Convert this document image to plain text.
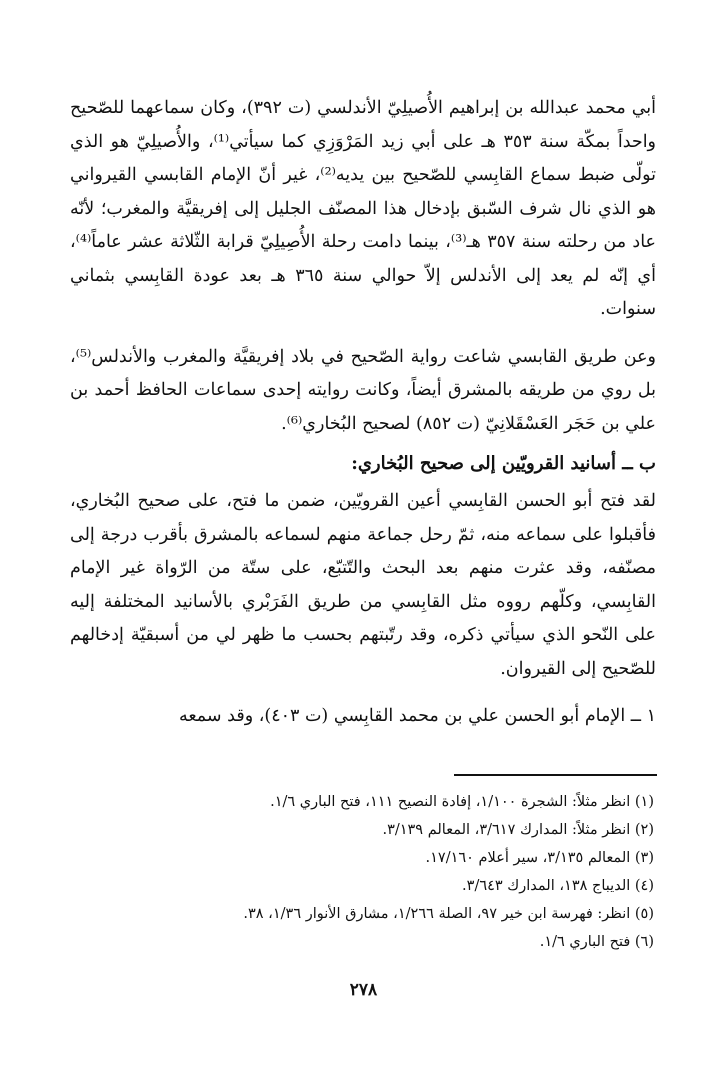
أبي محمد عبدالله بن إبراهيم الأُصيلِيّ الأندلسي (ت ٣٩٢)، وكان سماعهما للصّحيح واحداً بمكّة سنة ٣٥٣ هـ على أبي زيد المَرْوَزِي كما سيأتي⁽¹⁾، والأُصيلِيّ هو الذي تولّى ضبط سماع القابِسي للصّحيح بين يديه⁽²⁾، غير أنّ الإمام القابسي القيرواني هو الذي نال شرف السّبق بإدخال هذا المصنّف الجليل إلى إفريقيَّة والمغرب؛ لأنّه عاد من رحلته سنة ٣٥٧ هـ⁽³⁾، بينما دامت رحلة الأُصِيلِيّ قرابة الثّلاثة عشر عاماً⁽⁴⁾، أي إنّه لم يعد إلى الأندلس إلاّ حوالي سنة ٣٦٥ هـ بعد عودة القابِسي بثماني سنوات.

وعن طريق القابسي شاعت رواية الصّحيح في بلاد إفريقيَّة والمغرب والأندلس⁽⁵⁾، بل روي من طريقه بالمشرق أيضاً، وكانت روايته إحدى سماعات الحافظ أحمد بن علي بن حَجَر العَسْقَلانِيّ (ت ٨٥٢) لصحيح البُخاري⁽⁶⁾.

ب ــ أسانيد القرويّين إلى صحيح البُخاري:

لقد فتح أبو الحسن القابِسي أعين القرويّين، ضمن ما فتح، على صحيح البُخاري، فأقبلوا على سماعه منه، ثمّ رحل جماعة منهم لسماعه بالمشرق بأقرب درجة إلى مصنّفه، وقد عثرت منهم بعد البحث والتّتبّع، على ستّة من الرّواة غير الإمام القابِسي، وكلّهم رووه مثل القابِسي من طريق الفَرَبْري بالأسانيد المختلفة إليه على النّحو الذي سيأتي ذكره، وقد رتّبتهم بحسب ما ظهر لي من أسبقيّة إدخالهم للصّحيح إلى القيروان.

١ ــ الإمام أبو الحسن علي بن محمد القابِسي (ت ٤٠٣)، وقد سمعه

(١) انظر مثلاً: الشجرة ١/١٠٠، إفادة النصيح ١١١، فتح الباري ١/٦.
(٢) انظر مثلاً: المدارك ٣/٦١٧، المعالم ٣/١٣٩.
(٣) المعالم ٣/١٣٥، سير أعلام ١٧/١٦٠.
(٤) الديباج ١٣٨، المدارك ٣/٦٤٣.
(٥) انظر: فهرسة ابن خير ٩٧، الصلة ١/٢٦٦، مشارق الأنوار ١/٣٦، ٣٨.
(٦) فتح الباري ١/٦.
٢٧٨
